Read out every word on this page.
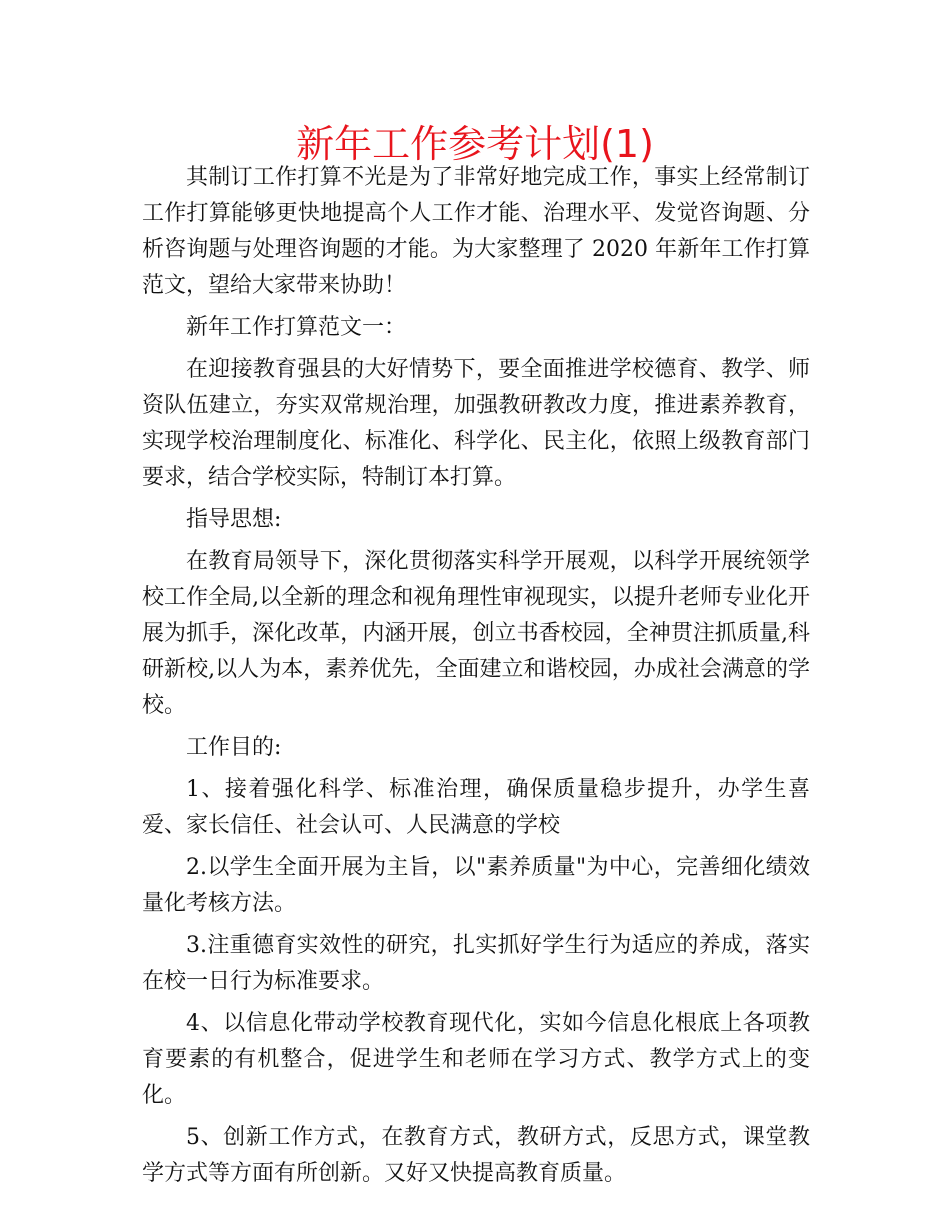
新年工作参考计划(1)

其制订工作打算不光是为了非常好地完成工作，事实上经常制订工作打算能够更快地提高个人工作才能、治理水平、发觉咨询题、分析咨询题与处理咨询题的才能。为大家整理了 2020 年新年工作打算范文，望给大家带来协助！

新年工作打算范文一：

在迎接教育强县的大好情势下，要全面推进学校德育、教学、师资队伍建立，夯实双常规治理，加强教研教改力度，推进素养教育，实现学校治理制度化、标准化、科学化、民主化，依照上级教育部门要求，结合学校实际，特制订本打算。

指导思想:

在教育局领导下，深化贯彻落实科学开展观，以科学开展统领学校工作全局,以全新的理念和视角理性审视现实，以提升老师专业化开展为抓手，深化改革，内涵开展，创立书香校园，全神贯注抓质量,科研新校,以人为本，素养优先，全面建立和谐校园，办成社会满意的学校。

工作目的:

1、接着强化科学、标准治理，确保质量稳步提升，办学生喜爱、家长信任、社会认可、人民满意的学校

2.以学生全面开展为主旨，以"素养质量"为中心，完善细化绩效量化考核方法。

3.注重德育实效性的研究，扎实抓好学生行为适应的养成，落实在校一日行为标准要求。

4、以信息化带动学校教育现代化，实如今信息化根底上各项教育要素的有机整合，促进学生和老师在学习方式、教学方式上的变化。

5、创新工作方式，在教育方式，教研方式，反思方式，课堂教学方式等方面有所创新。又好又快提高教育质量。
